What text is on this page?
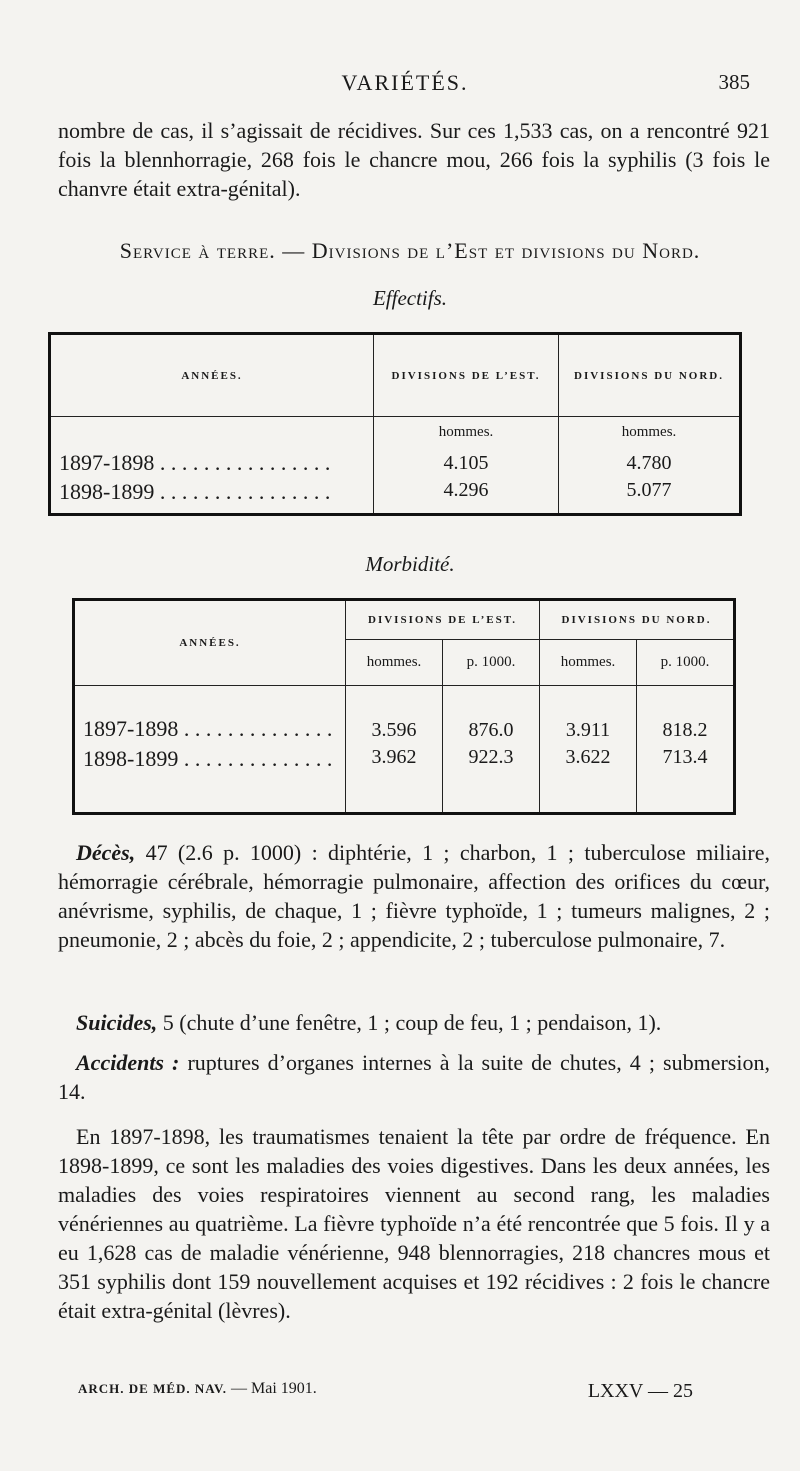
VARIÉTÉS.	385
nombre de cas, il s’agissait de récidives. Sur ces 1,533 cas, on a rencontré 921 fois la blennhorragie, 268 fois le chancre mou, 266 fois la syphilis (3 fois le chanvre était extra-génital).
Service à terre. — Divisions de l’Est et divisions du Nord.
Effectifs.
ANNÉES.	DIVISIONS DE L’EST.	DIVISIONS DU NORD.
	hommes.	hommes.
1897-1898 . . . . . . . . . . . . . . . .	4.105	4.780
1898-1899 . . . . . . . . . . . . . . . .	4.296	5.077
Morbidité.
ANNÉES.	DIVISIONS DE L’EST.		DIVISIONS DU NORD.	
	hommes.	p. 1000.	hommes.	p. 1000.
1897-1898 . . . . . . . . . . . . . .	3.596	876.0	3.911	818.2
1898-1899 . . . . . . . . . . . . . .	3.962	922.3	3.622	713.4
Décès, 47 (2.6 p. 1000) : diphtérie, 1 ; charbon, 1 ; tuberculose miliaire, hémorragie cérébrale, hémorragie pulmonaire, affection des orifices du cœur, anévrisme, syphilis, de chaque, 1 ; fièvre typhoïde, 1 ; tumeurs malignes, 2 ; pneumonie, 2 ; abcès du foie, 2 ; appendicite, 2 ; tuberculose pulmonaire, 7.
Suicides, 5 (chute d’une fenêtre, 1 ; coup de feu, 1 ; pendaison, 1).
Accidents : ruptures d’organes internes à la suite de chutes, 4 ; submersion, 14.
En 1897-1898, les traumatismes tenaient la tête par ordre de fréquence. En 1898-1899, ce sont les maladies des voies digestives. Dans les deux années, les maladies des voies respiratoires viennent au second rang, les maladies vénériennes au quatrième. La fièvre typhoïde n’a été rencontrée que 5 fois. Il y a eu 1,628 cas de maladie vénérienne, 948 blennorragies, 218 chancres mous et 351 syphilis dont 159 nouvellement acquises et 192 récidives : 2 fois le chancre était extra-génital (lèvres).
ARCH. DE MÉD. NAV. — Mai 1901.	LXXV — 25
